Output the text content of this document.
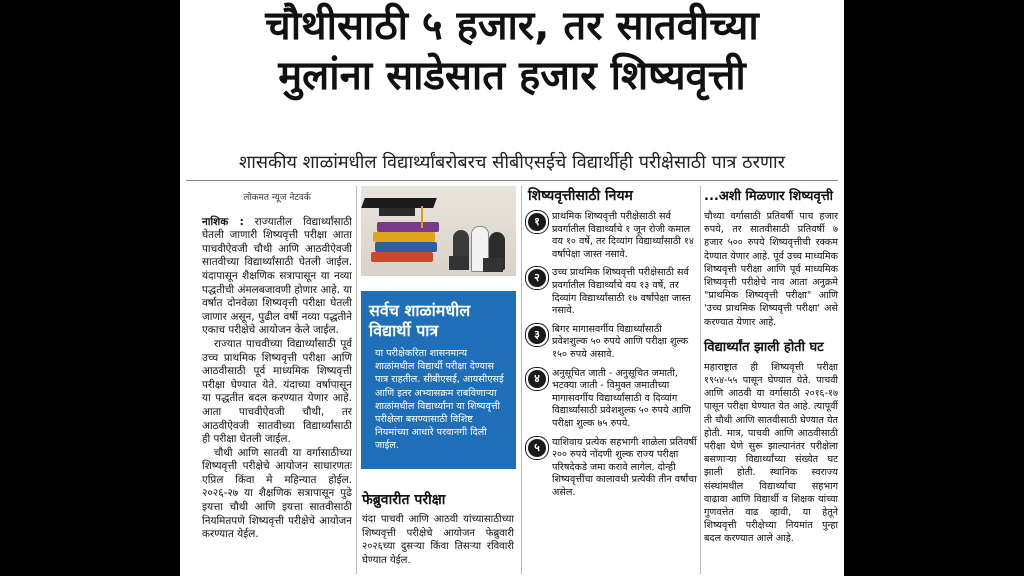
चौथीसाठी ५ हजार, तर सातवीच्या
मुलांना साडेसात हजार शिष्यवृत्ती
शासकीय शाळांमधील विद्यार्थ्यांबरोबरच सीबीएसईचे विद्यार्थीही परीक्षेसाठी पात्र ठरणार
लोकमत न्यूज नेटवर्क

नाशिक : राज्यातील विद्यार्थ्यांसाठी घेतली जाणारी शिष्यवृत्ती परीक्षा आता पाचवीऐवजी चौथी आणि आठवीऐवजी सातवीच्या विद्यार्थ्यांसाठी घेतली जाईल. यंदापासून शैक्षणिक सत्रापासून या नव्या पद्धतीची अंमलबजावणी होणार आहे. या वर्षात दोनवेळा शिष्यवृत्ती परीक्षा घेतली जाणार असून, पुढील वर्षी नव्या पद्धतीने एकाच परीक्षेचे आयोजन केले जाईल.

राज्यात पाचवीच्या विद्यार्थ्यांसाठी पूर्व उच्च प्राथमिक शिष्यवृत्ती परीक्षा आणि आठवीसाठी पूर्व माध्यमिक शिष्यवृत्ती परीक्षा घेण्यात येते. यंदाच्या वर्षापासून या पद्धतीत बदल करण्यात येणार आहे. आता पाचवीऐवजी चौथी, तर आठवीऐवजी सातवीच्या विद्यार्थ्यांसाठी ही परीक्षा घेतली जाईल.

चौथी आणि सातवी या वर्गासाठीच्या शिष्यवृत्ती परीक्षेचे आयोजन साधारणतः एप्रिल किंवा मे महिन्यात होईल. २०२६-२७ या शैक्षणिक सत्रापासून पुढे इयत्ता चौथी आणि इयत्ता सातवीसाठी नियमितपणे शिष्यवृत्ती परीक्षेचे आयोजन करण्यात येईल.

सर्वच शाळांमधील विद्यार्थी पात्र
या परीक्षेकरिता शासनमान्य शाळांमधील विद्यार्थी परीक्षा देण्यास पात्र राहतील. सीबीएसई, आयसीएसई आणि इतर अभ्यासक्रम राबविणाऱ्या शाळांमधील विद्यार्थ्यांना या शिष्यवृत्ती परीक्षेला बसण्यासाठी विशिष्ट नियमांच्या आधारे परवानगी दिली जाईल.
फेब्रुवारीत परीक्षा
यंदा पाचवी आणि आठवी यांच्यासाठीच्या शिष्यवृत्ती परीक्षेचे आयोजन फेब्रुवारी २०२६च्या दुसऱ्या किंवा तिसऱ्या रविवारी घेण्यात येईल.
शिष्यवृत्तीसाठी नियम
१	प्राथमिक शिष्यवृत्ती परीक्षेसाठी सर्व प्रवर्गातील विद्यार्थ्यांचे १ जून रोजी कमाल वय १० वर्षे, तर दिव्यांग विद्यार्थ्यांसाठी १४ वर्षांपेक्षा जास्त नसावे.
२	उच्च प्राथमिक शिष्यवृत्ती परीक्षेसाठी सर्व प्रवर्गातील विद्यार्थ्यांचे वय १३ वर्षे, तर दिव्यांग विद्यार्थ्यांसाठी १७ वर्षांपेक्षा जास्त नसावे.
३	बिगर मागासवर्गीय विद्यार्थ्यांसाठी प्रवेशशुल्क ५० रुपये आणि परीक्षा शुल्क १५० रुपये असावे.
४	अनुसूचित जाती - अनुसूचित जमाती, भटक्या जाती - विमुक्त जमातीच्या मागासवर्गीय विद्यार्थ्यांसाठी व दिव्यांग विद्यार्थ्यांसाठी प्रवेशशुल्क ५० रुपये आणि परीक्षा शुल्क ७५ रुपये.
५	याशिवाय प्रत्येक सहभागी शाळेला प्रतिवर्षी २०० रुपये नोंदणी शुल्क राज्य परीक्षा परिषदेकडे जमा करावे लागेल. दोन्ही शिष्यवृत्तींचा कालावधी प्रत्येकी तीन वर्षांचा असेल.
...अशी मिळणार शिष्यवृत्ती

चौथ्या वर्गासाठी प्रतिवर्षी पाच हजार रुपये, तर सातवीसाठी प्रतिवर्षी ७ हजार ५०० रुपये शिष्यवृत्तीची रक्कम देण्यात येणार आहे. पूर्व उच्च माध्यमिक शिष्यवृत्ती परीक्षा आणि पूर्व माध्यमिक शिष्यवृत्ती परीक्षेचे नाव आता अनुक्रमे "प्राथमिक शिष्यवृत्ती परीक्षा" आणि 'उच्च प्राथमिक शिष्यवृत्ती परीक्षा' असे करण्यात येणार आहे.

विद्यार्थ्यांत झाली होती घट

महाराष्ट्रात ही शिष्यवृत्ती परीक्षा १९५४-५५ पासून घेण्यात येते. पाचवी आणि आठवी या वर्गासाठी २०१६-१७ पासून परीक्षा घेण्यात येत आहे. त्यापूर्वी ती चौथी आणि सातवीसाठी घेण्यात येत होती. मात्र, पाचवी आणि आठवीसाठी परीक्षा घेणे सुरू झाल्यानंतर परीक्षेला बसणाऱ्या विद्यार्थ्यांच्या संख्येत घट झाली होती. स्थानिक स्वराज्य संस्थांमधील विद्यार्थ्यांचा सहभाग वाढावा आणि विद्यार्थी व शिक्षक यांच्या गुणवत्तेत वाढ व्हावी, या हेतूने शिष्यवृत्ती परीक्षेच्या नियमांत पुन्हा बदल करण्यात आले आहे.
